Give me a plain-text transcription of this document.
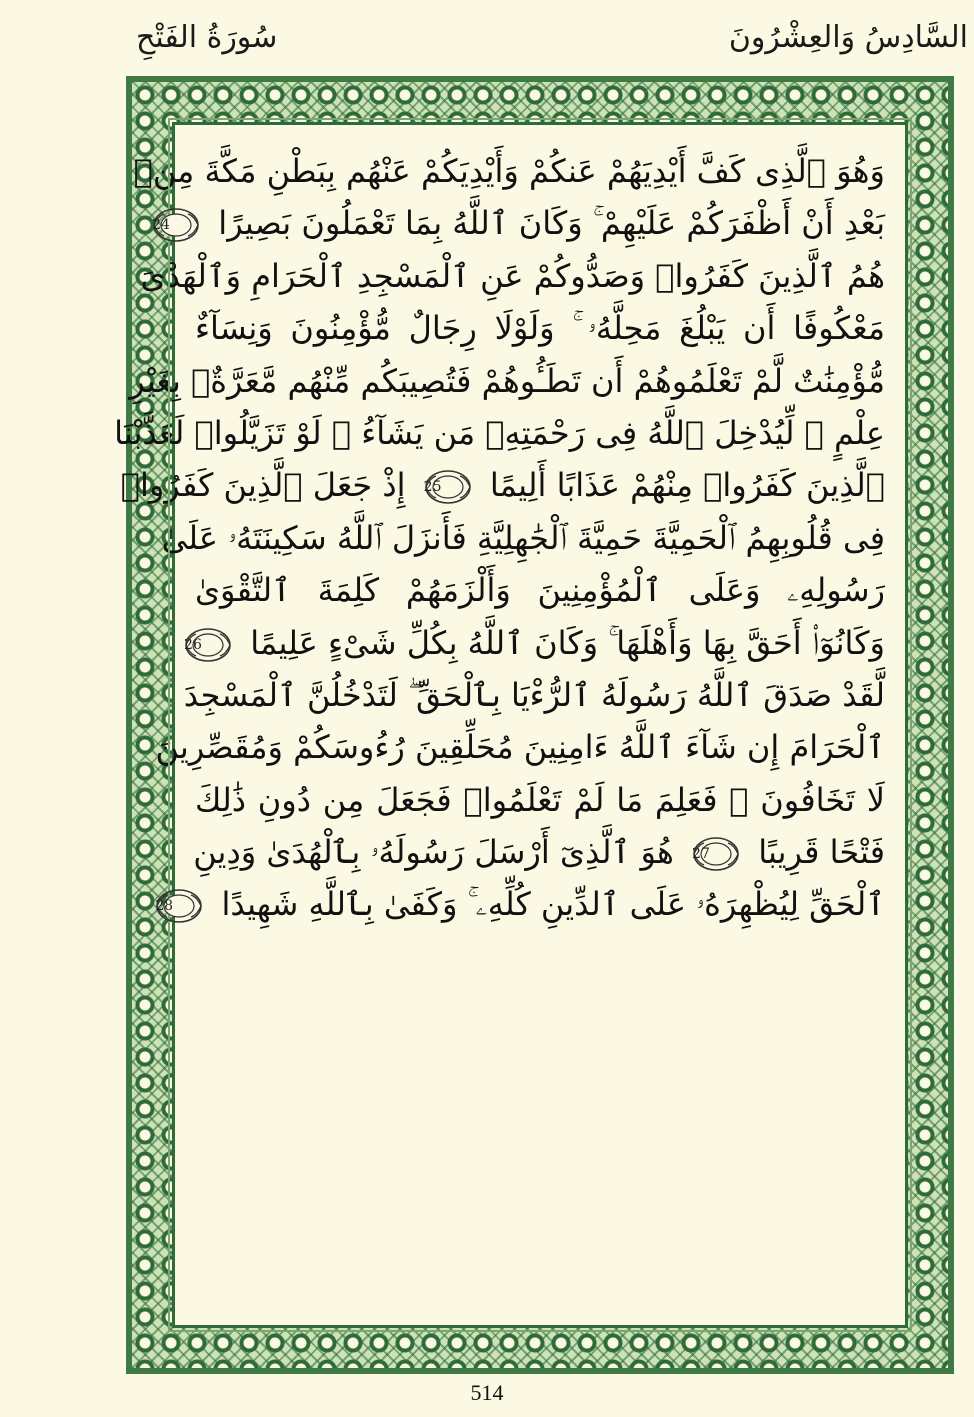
سُورَةُ الفَتْحِ	السَّادِسُ وَالعِشْرُونَ
وَهُوَ ٱلَّذِى كَفَّ أَيْدِيَهُمْ عَنكُمْ وَأَيْدِيَكُمْ عَنْهُم بِبَطْنِ مَكَّةَ مِنۢ
بَعْدِ أَنْ أَظْفَرَكُمْ عَلَيْهِمْ ۚ وَكَانَ ٱللَّهُ بِمَا تَعْمَلُونَ بَصِيرًا
24
هُمُ ٱلَّذِينَ كَفَرُوا۟ وَصَدُّوكُمْ عَنِ ٱلْمَسْجِدِ ٱلْحَرَامِ وَٱلْهَدْىَ
مَعْكُوفًا أَن يَبْلُغَ مَحِلَّهُۥ ۚ وَلَوْلَا رِجَالٌ مُّؤْمِنُونَ وَنِسَآءٌ
مُّؤْمِنَٰتٌ لَّمْ تَعْلَمُوهُمْ أَن تَطَـُٔوهُمْ فَتُصِيبَكُم مِّنْهُم مَّعَرَّةٌۢ بِغَيْرِ
عِلْمٍ ۖ لِّيُدْخِلَ ٱللَّهُ فِى رَحْمَتِهِۦ مَن يَشَآءُ ۚ لَوْ تَزَيَّلُوا۟ لَعَذَّبْنَا
ٱلَّذِينَ كَفَرُوا۟ مِنْهُمْ عَذَابًا أَلِيمًا
25
إِذْ جَعَلَ ٱلَّذِينَ كَفَرُوا۟
فِى قُلُوبِهِمُ ٱلْحَمِيَّةَ حَمِيَّةَ ٱلْجَٰهِلِيَّةِ فَأَنزَلَ ٱللَّهُ سَكِينَتَهُۥ عَلَىٰ
رَسُولِهِۦ وَعَلَى ٱلْمُؤْمِنِينَ وَأَلْزَمَهُمْ كَلِمَةَ ٱلتَّقْوَىٰ
وَكَانُوٓا۟ أَحَقَّ بِهَا وَأَهْلَهَا ۚ وَكَانَ ٱللَّهُ بِكُلِّ شَىْءٍ عَلِيمًا
26
لَّقَدْ صَدَقَ ٱللَّهُ رَسُولَهُ ٱلرُّءْيَا بِٱلْحَقِّ ۖ لَتَدْخُلُنَّ ٱلْمَسْجِدَ
ٱلْحَرَامَ إِن شَآءَ ٱللَّهُ ءَامِنِينَ مُحَلِّقِينَ رُءُوسَكُمْ وَمُقَصِّرِينَ
لَا تَخَافُونَ ۖ فَعَلِمَ مَا لَمْ تَعْلَمُوا۟ فَجَعَلَ مِن دُونِ ذَٰلِكَ
فَتْحًا قَرِيبًا
27
هُوَ ٱلَّذِىٓ أَرْسَلَ رَسُولَهُۥ بِٱلْهُدَىٰ وَدِينِ
ٱلْحَقِّ لِيُظْهِرَهُۥ عَلَى ٱلدِّينِ كُلِّهِۦ ۚ وَكَفَىٰ بِٱللَّهِ شَهِيدًا
28
514
